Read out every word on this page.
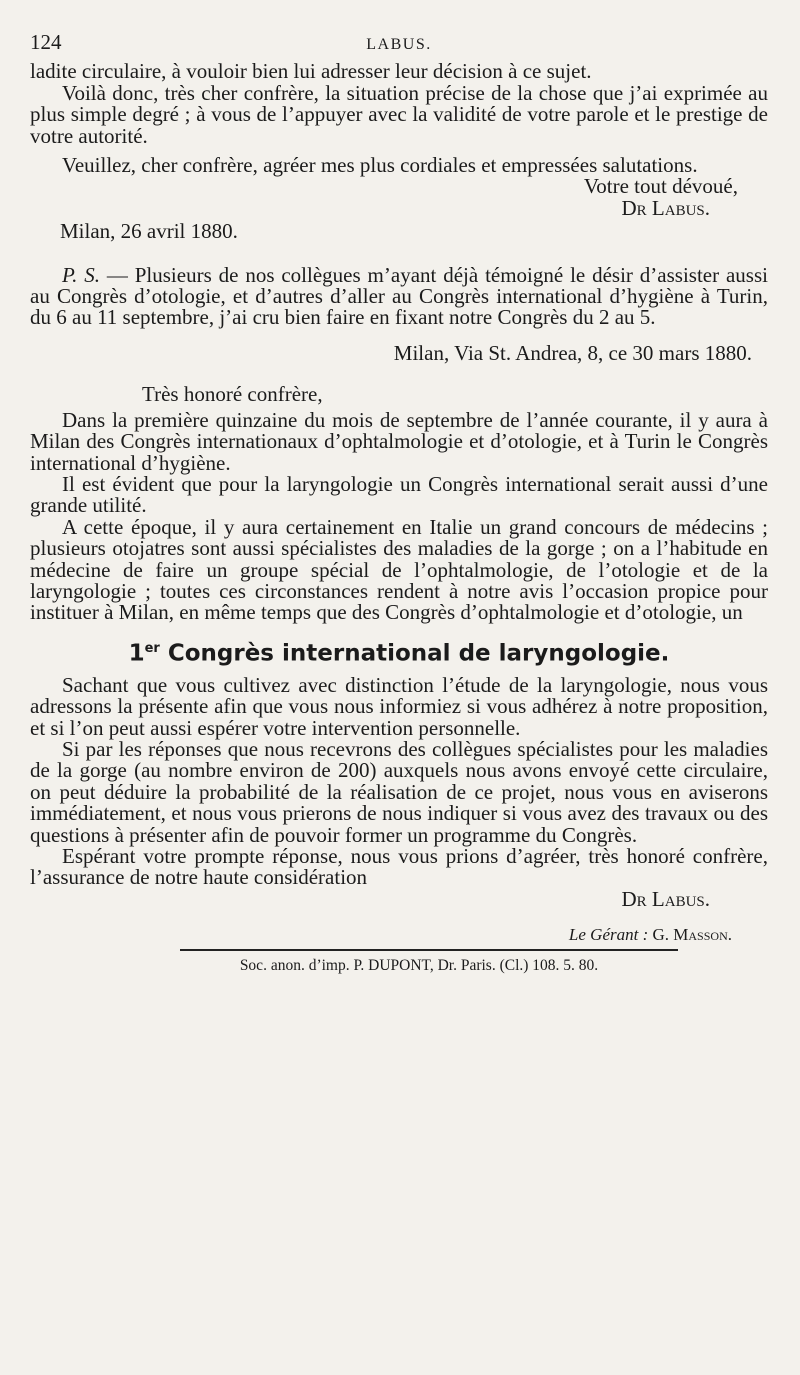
124	LABUS.

ladite circulaire, à vouloir bien lui adresser leur décision à ce sujet.

Voilà donc, très cher confrère, la situation précise de la chose que j’ai exprimée au plus simple degré ; à vous de l’appuyer avec la validité de votre parole et le prestige de votre autorité.

Veuillez, cher confrère, agréer mes plus cordiales et empressées salutations.

Votre tout dévoué,

Dr Labus.

Milan, 26 avril 1880.

P. S. — Plusieurs de nos collègues m’ayant déjà témoigné le désir d’assister aussi au Congrès d’otologie, et d’autres d’aller au Congrès international d’hygiène à Turin, du 6 au 11 septembre, j’ai cru bien faire en fixant notre Congrès du 2 au 5.

Milan, Via St. Andrea, 8, ce 30 mars 1880.

Très honoré confrère,

Dans la première quinzaine du mois de septembre de l’année courante, il y aura à Milan des Congrès internationaux d’ophtalmologie et d’otologie, et à Turin le Congrès international d’hygiène.

Il est évident que pour la laryngologie un Congrès international serait aussi d’une grande utilité.

A cette époque, il y aura certainement en Italie un grand concours de médecins ; plusieurs otojatres sont aussi spécialistes des maladies de la gorge ; on a l’habitude en médecine de faire un groupe spécial de l’ophtalmologie, de l’otologie et de la laryngologie ; toutes ces circonstances rendent à notre avis l’occasion propice pour instituer à Milan, en même temps que des Congrès d’ophtalmologie et d’otologie, un

1er Congrès international de laryngologie.

Sachant que vous cultivez avec distinction l’étude de la laryngologie, nous vous adressons la présente afin que vous nous informiez si vous adhérez à notre proposition, et si l’on peut aussi espérer votre intervention personnelle.

Si par les réponses que nous recevrons des collègues spécialistes pour les maladies de la gorge (au nombre environ de 200) auxquels nous avons envoyé cette circulaire, on peut déduire la probabilité de la réalisation de ce projet, nous vous en aviserons immédiatement, et nous vous prierons de nous indiquer si vous avez des travaux ou des questions à présenter afin de pouvoir former un programme du Congrès.

Espérant votre prompte réponse, nous vous prions d’agréer, très honoré confrère, l’assurance de notre haute considération

Dr Labus.

Le Gérant : G. Masson.

Soc. anon. d’imp. P. DUPONT, Dr. Paris. (Cl.) 108. 5. 80.
